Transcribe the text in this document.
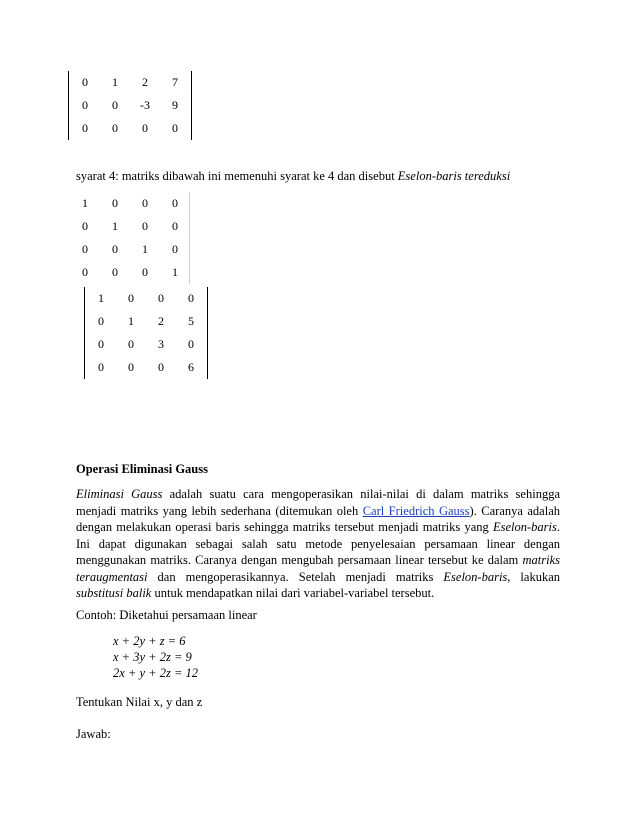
0	1	2	7
0	0	-3	9
0	0	0	0
syarat 4: matriks dibawah ini memenuhi syarat ke 4 dan disebut Eselon-baris tereduksi
1	0	0	0
0	1	0	0
0	0	1	0
0	0	0	1
1	0	0	0
0	1	2	5
0	0	3	0
0	0	0	6
Operasi Eliminasi Gauss
Eliminasi Gauss adalah suatu cara mengoperasikan nilai-nilai di dalam matriks sehingga menjadi matriks yang lebih sederhana (ditemukan oleh Carl Friedrich Gauss). Caranya adalah dengan melakukan operasi baris sehingga matriks tersebut menjadi matriks yang Eselon-baris. Ini dapat digunakan sebagai salah satu metode penyelesaian persamaan linear dengan menggunakan matriks. Caranya dengan mengubah persamaan linear tersebut ke dalam matriks teraugmentasi dan mengoperasikannya. Setelah menjadi matriks Eselon-baris, lakukan substitusi balik untuk mendapatkan nilai dari variabel-variabel tersebut.
Contoh: Diketahui persamaan linear
x + 2y + z = 6
x + 3y + 2z = 9
2x + y + 2z = 12
Tentukan Nilai x, y dan z
Jawab:
